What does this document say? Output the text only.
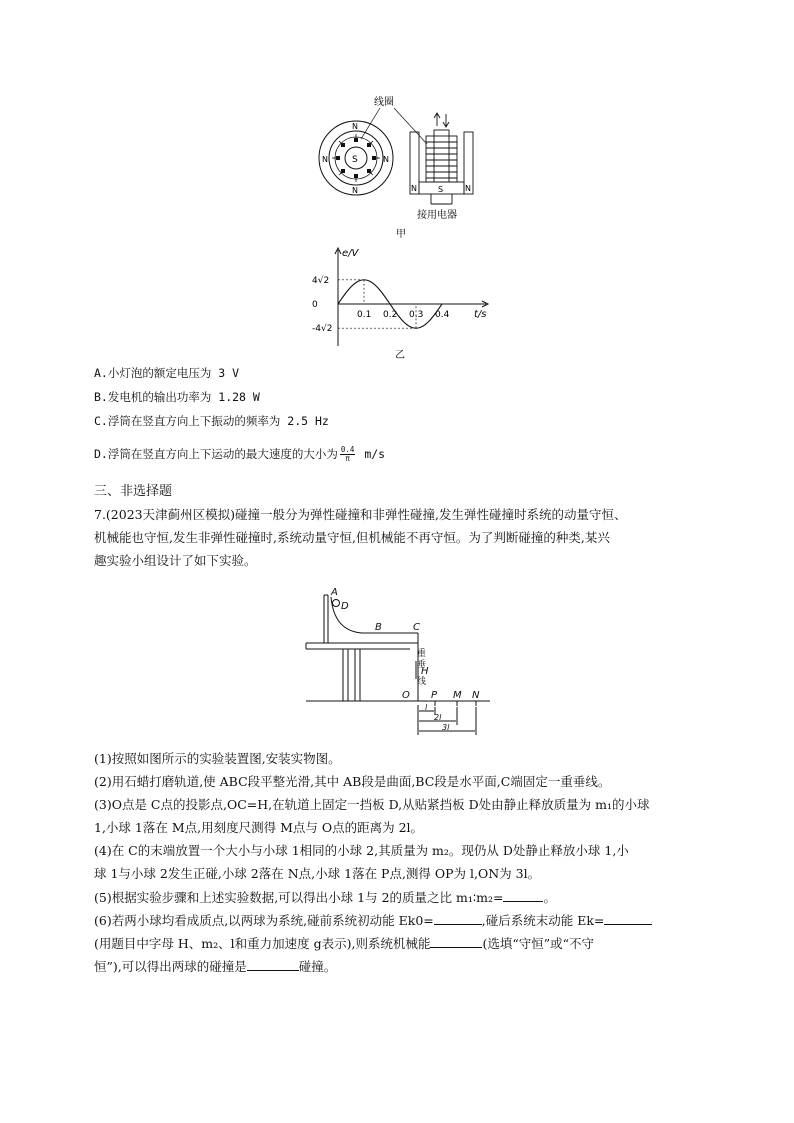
N
N
N	N
S
线圈
N	S	N
接用电器
甲
e/V
t/s
乙
0.1 0.2 0.3 0.4
4√2
0
-4√2
A.小灯泡的额定电压为 3 V
B.发电机的输出功率为 1.28 W
C.浮筒在竖直方向上下振动的频率为 2.5 Hz
D.浮筒在竖直方向上下运动的最大速度的大小为 $\frac{0.4}{\pi} m/s$
三、非选择题
7.(2023天津蓟州区模拟)碰撞一般分为弹性碰撞和非弹性碰撞,发生弹性碰撞时系统的动量守恒、
机械能也守恒,发生非弹性碰撞时,系统动量守恒,但机械能不再守恒。为了判断碰撞的种类,某兴
趣实验小组设计了如下实验。
A
D
B	C
H
O P M N
l
2l
3l
重
垂
线
(1)按照如图所示的实验装置图,安装实物图。
(2)用石蜡打磨轨道,使 ABC段平整光滑,其中 AB段是曲面,BC段是水平面,C端固定一重垂线。
(3)O点是 C点的投影点,OC=H,在轨道上固定一挡板 D,从贴紧挡板 D处由静止释放质量为 m₁的小球
1,小球 1落在 M点,用刻度尺测得 M点与 O点的距离为 2l。
(4)在 C的末端放置一个大小与小球 1相同的小球 2,其质量为 m₂。现仍从 D处静止释放小球 1,小
球 1与小球 2发生正碰,小球 2落在 N点,小球 1落在 P点,测得 OP为 l,ON为 3l。
(5)根据实验步骤和上述实验数据,可以得出小球 1与 2的质量之比 m₁∶m₂=	。
(6)若两小球均看成质点,以两球为系统,碰前系统初动能 Ek0=	,碰后系统末动能 Ek=
(用题目中字母 H、m₂、l和重力加速度 g表示),则系统机械能	(选填“守恒”或“不守
恒”),可以得出两球的碰撞是	碰撞。
